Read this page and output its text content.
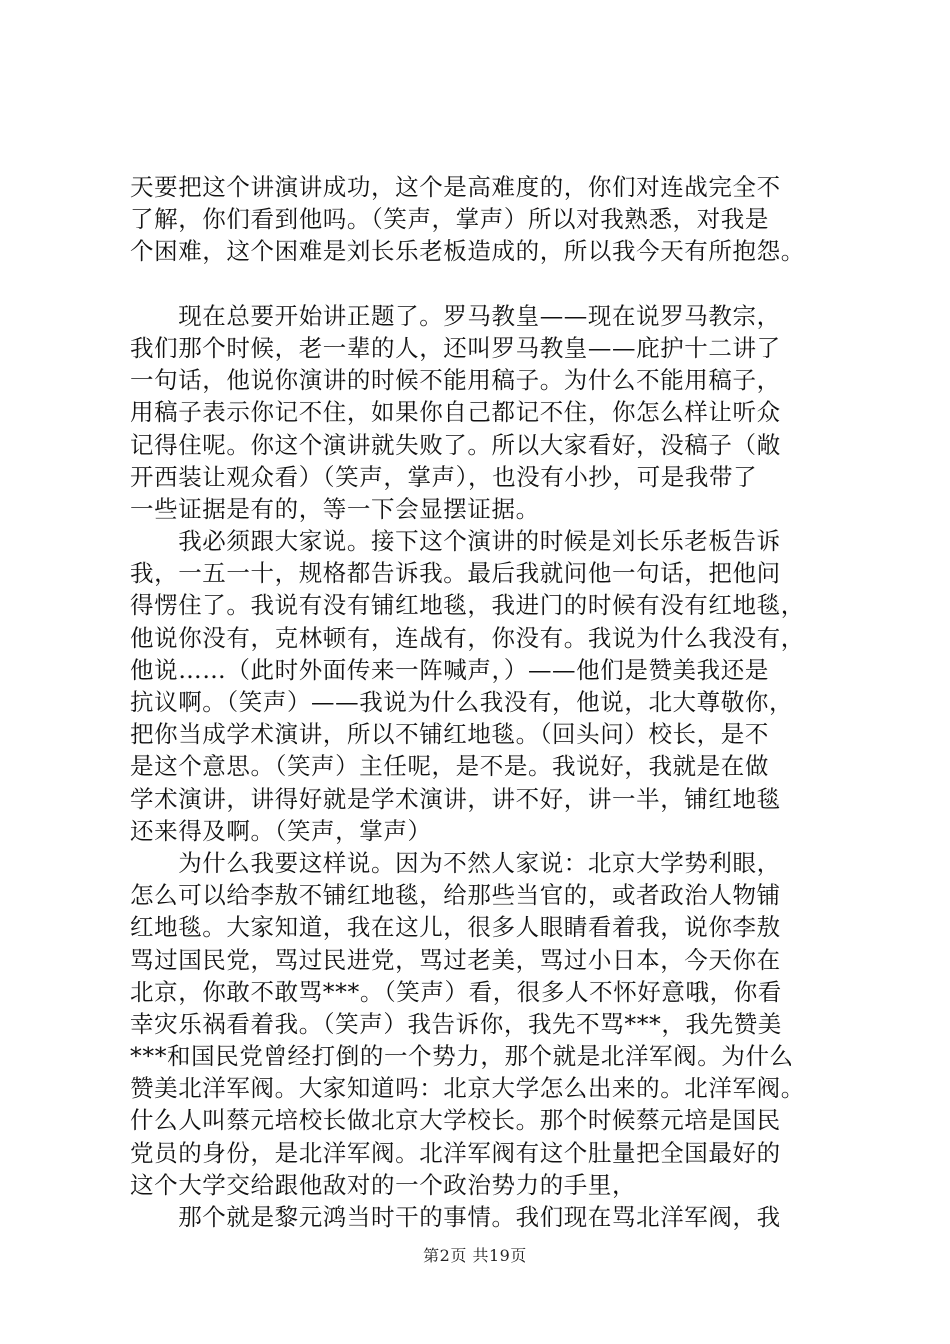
天要把这个讲演讲成功，这个是高难度的，你们对连战完全不
了解，你们看到他吗。（笑声，掌声）所以对我熟悉，对我是
个困难，这个困难是刘长乐老板造成的，所以我今天有所抱怨。
　　现在总要开始讲正题了。罗马教皇——现在说罗马教宗，
我们那个时候，老一辈的人，还叫罗马教皇——庇护十二讲了
一句话，他说你演讲的时候不能用稿子。为什么不能用稿子，
用稿子表示你记不住，如果你自己都记不住，你怎么样让听众
记得住呢。你这个演讲就失败了。所以大家看好，没稿子（敞
开西装让观众看）（笑声，掌声），也没有小抄，可是我带了
一些证据是有的，等一下会显摆证据。
　　我必须跟大家说。接下这个演讲的时候是刘长乐老板告诉
我，一五一十，规格都告诉我。最后我就问他一句话，把他问
得愣住了。我说有没有铺红地毯，我进门的时候有没有红地毯，
他说你没有，克林顿有，连战有，你没有。我说为什么我没有，
他说……（此时外面传来一阵喊声，）——他们是赞美我还是
抗议啊。（笑声）——我说为什么我没有，他说，北大尊敬你，
把你当成学术演讲，所以不铺红地毯。（回头问）校长，是不
是这个意思。（笑声）主任呢，是不是。我说好，我就是在做
学术演讲，讲得好就是学术演讲，讲不好，讲一半，铺红地毯
还来得及啊。（笑声，掌声）
　　为什么我要这样说。因为不然人家说：北京大学势利眼，
怎么可以给李敖不铺红地毯，给那些当官的，或者政治人物铺
红地毯。大家知道，我在这儿，很多人眼睛看着我，说你李敖
骂过国民党，骂过民进党，骂过老美，骂过小日本，今天你在
北京，你敢不敢骂***。（笑声）看，很多人不怀好意哦，你看
幸灾乐祸看着我。（笑声）我告诉你，我先不骂***，我先赞美
***和国民党曾经打倒的一个势力，那个就是北洋军阀。为什么
赞美北洋军阀。大家知道吗：北京大学怎么出来的。北洋军阀。
什么人叫蔡元培校长做北京大学校长。那个时候蔡元培是国民
党员的身份，是北洋军阀。北洋军阀有这个肚量把全国最好的
这个大学交给跟他敌对的一个政治势力的手里，
　　那个就是黎元鸿当时干的事情。我们现在骂北洋军阀，我
第2页 共19页
